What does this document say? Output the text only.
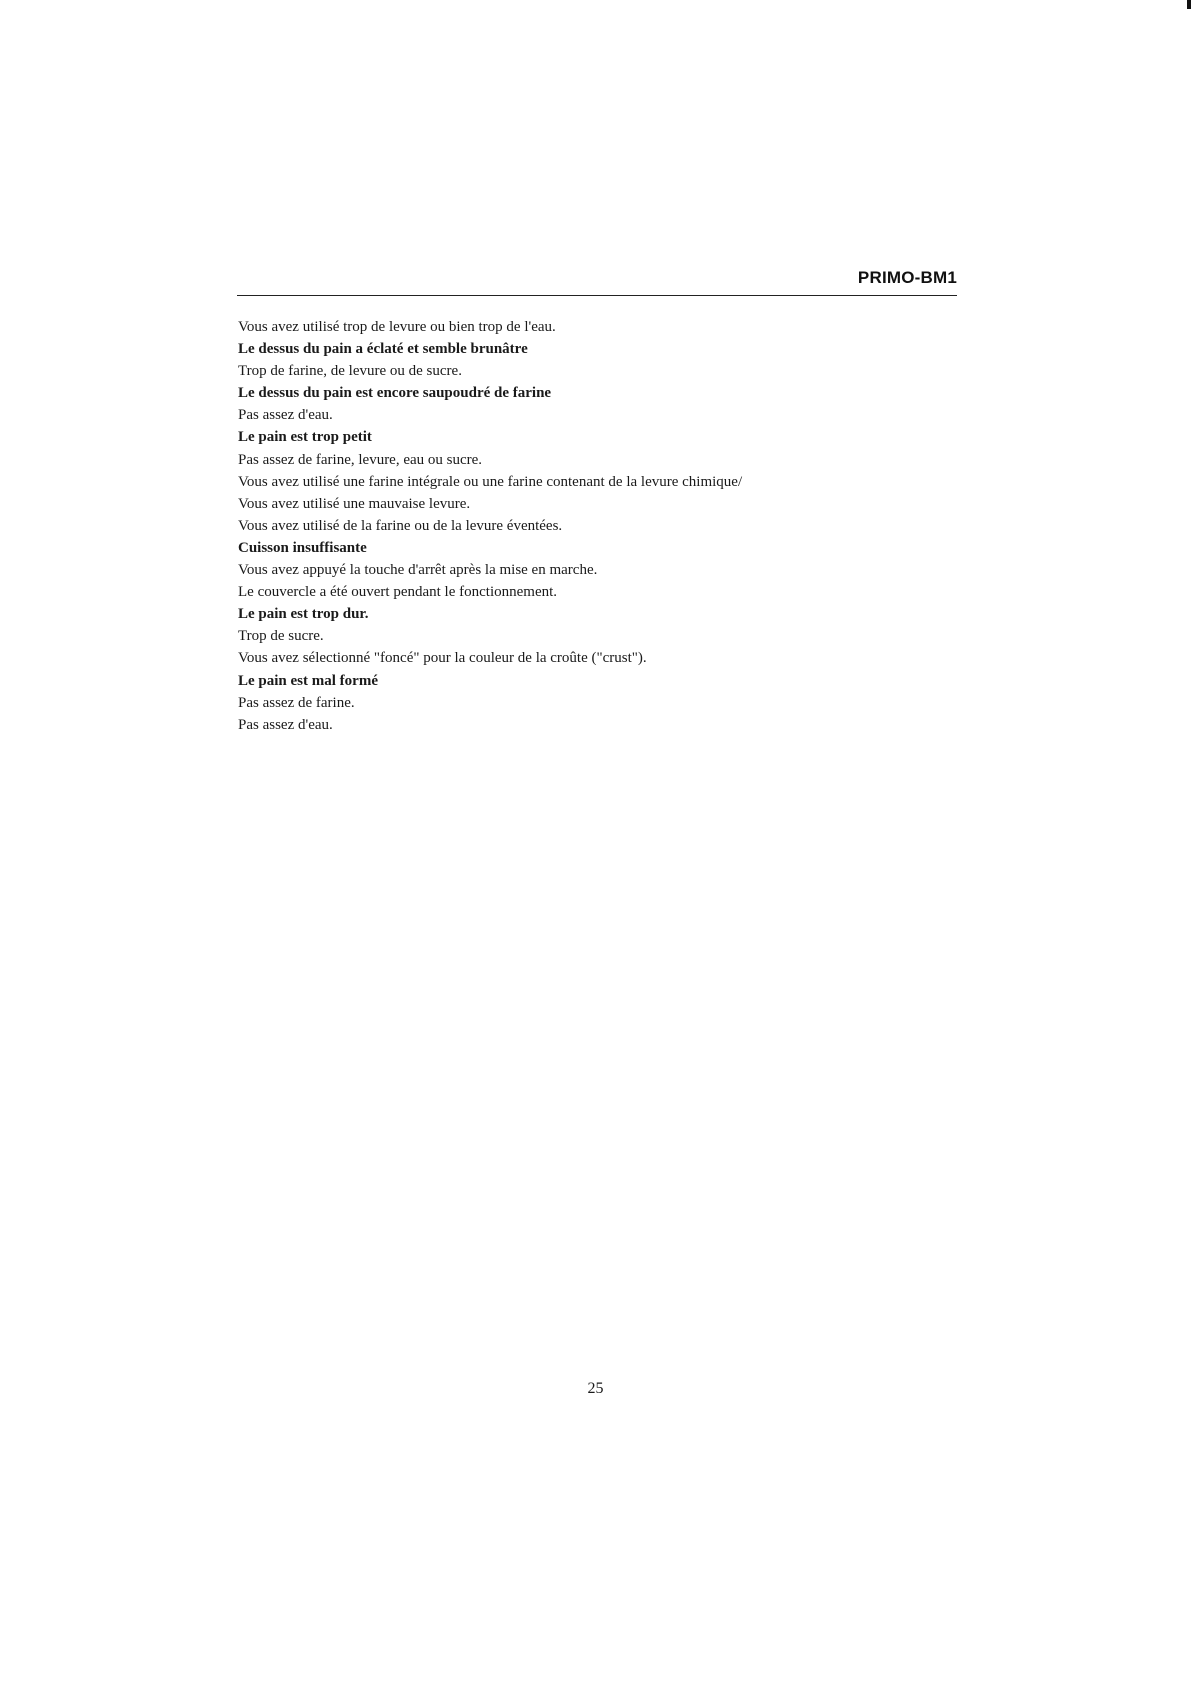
PRIMO-BM1
Vous avez utilisé trop de levure ou bien trop de l'eau.
Le dessus du pain a éclaté et semble brunâtre
Trop de farine, de levure ou de sucre.
Le dessus du pain est encore saupoudré de farine
Pas assez d'eau.
Le pain est trop petit
Pas assez de farine, levure, eau ou sucre.
Vous avez utilisé une farine intégrale ou une farine contenant de la levure chimique/
Vous avez utilisé une mauvaise levure.
Vous avez utilisé de la farine ou de la levure éventées.
Cuisson insuffisante
Vous avez appuyé la touche d'arrêt après la mise en marche.
Le couvercle a été ouvert pendant le fonctionnement.
Le pain est trop dur.
Trop de sucre.
Vous avez sélectionné "foncé" pour la couleur de la croûte ("crust").
Le pain est mal formé
Pas assez de farine.
Pas assez d'eau.
25
